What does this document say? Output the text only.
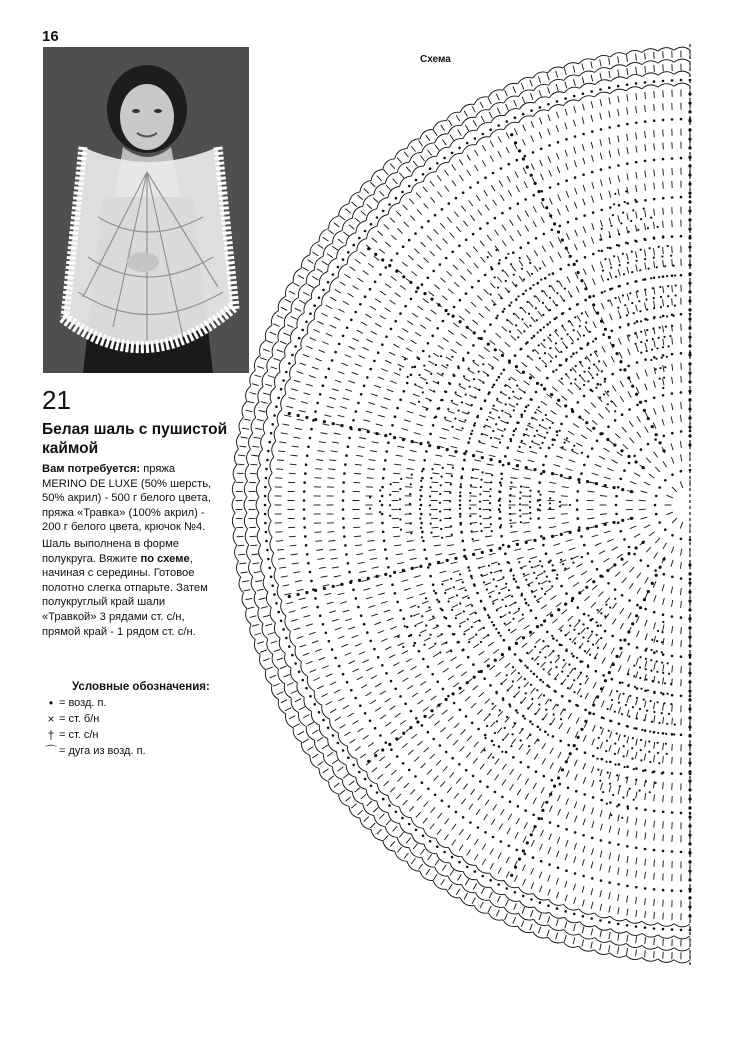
16
21
Белая шаль с пушистой каймой
Вам потребуется: пряжа MERINO DE LUXE (50% шерсть, 50% акрил) - 500 г белого цвета, пряжа «Травка» (100% акрил) - 200 г белого цвета, крючок №4.
Шаль выполнена в форме полукруга. Вяжите по схеме, начиная с середины. Готовое полотно слегка отпарьте. Затем полукруглый край шали «Травкой» 3 рядами ст. с/н, прямой край - 1 рядом ст. с/н.
Условные обозначения:
• = возд. п.
× = ст. б/н
† = ст. с/н
⌒ = дуга из возд. п.
Схема
